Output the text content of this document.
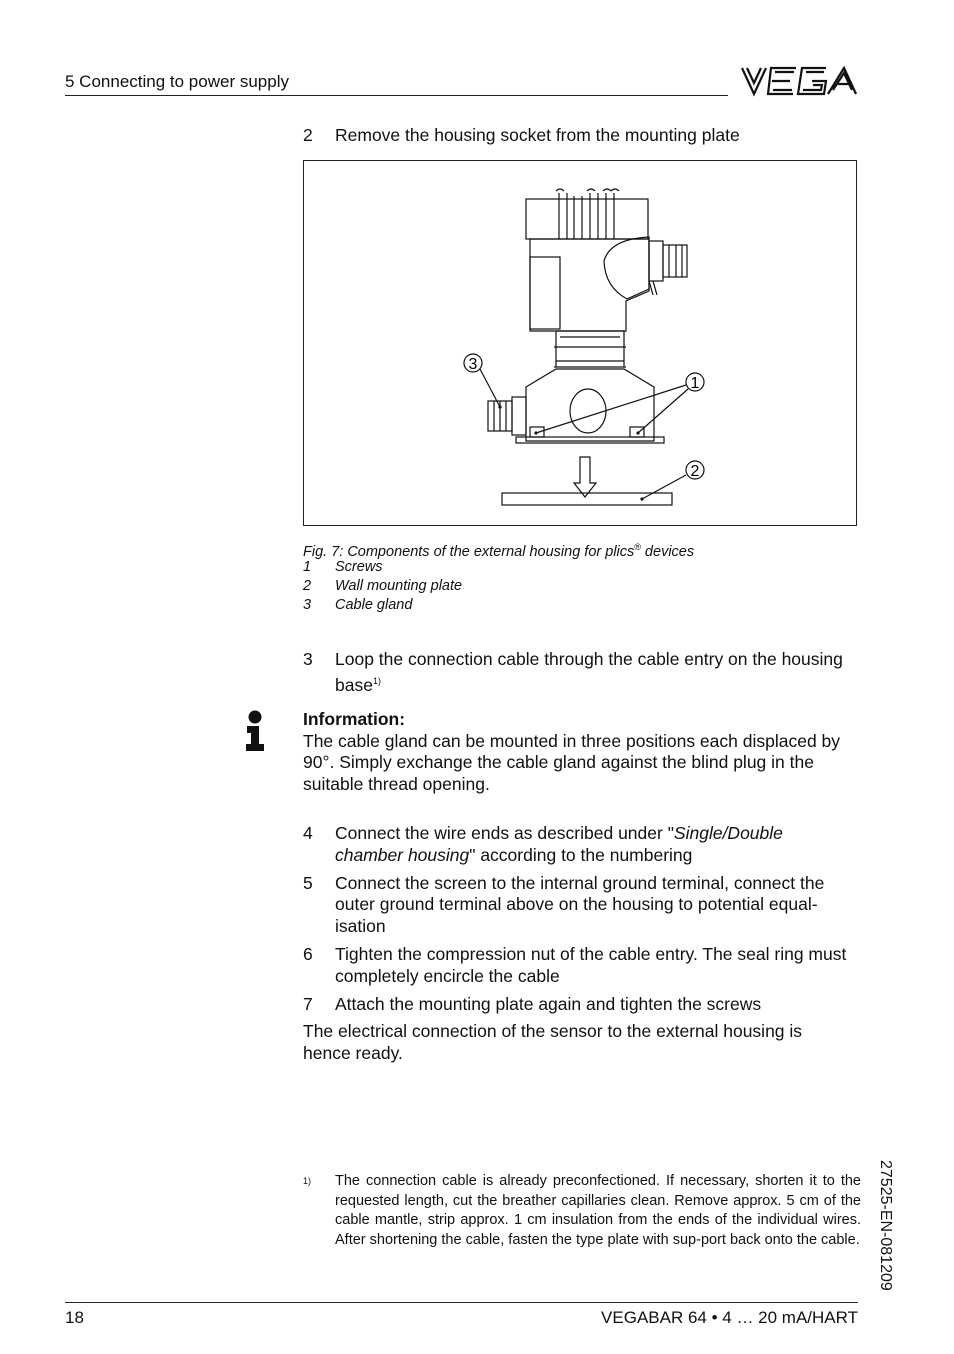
5 Connecting to power supply
2 Remove the housing socket from the mounting plate
3
1
2
Fig. 7: Components of the external housing for plics® devices
1 Screws
2 Wall mounting plate
3 Cable gland
3 Loop the connection cable through the cable entry on the housing
base$^{1)}$
Information:
The cable gland can be mounted in three positions each displaced by
90°. Simply exchange the cable gland against the blind plug in the
suitable thread opening.
4 Connect the wire ends as described under "Single/Double
chamber housing" according to the numbering
5 Connect the screen to the internal ground terminal, connect the
outer ground terminal above on the housing to potential equal-
isation
6 Tighten the compression nut of the cable entry. The seal ring must
completely encircle the cable
7 Attach the mounting plate again and tighten the screws
The electrical connection of the sensor to the external housing is
hence ready.
1) The connection cable is already preconfectioned. If necessary, shorten it to the requested length, cut the breather capillaries clean. Remove approx. 5 cm of the cable mantle, strip approx. 1 cm insulation from the ends of the individual wires. After shortening the cable, fasten the type plate with sup-port back onto the cable. 27525-EN-081209
18	VEGABAR 64 • 4 … 20 mA/HART
